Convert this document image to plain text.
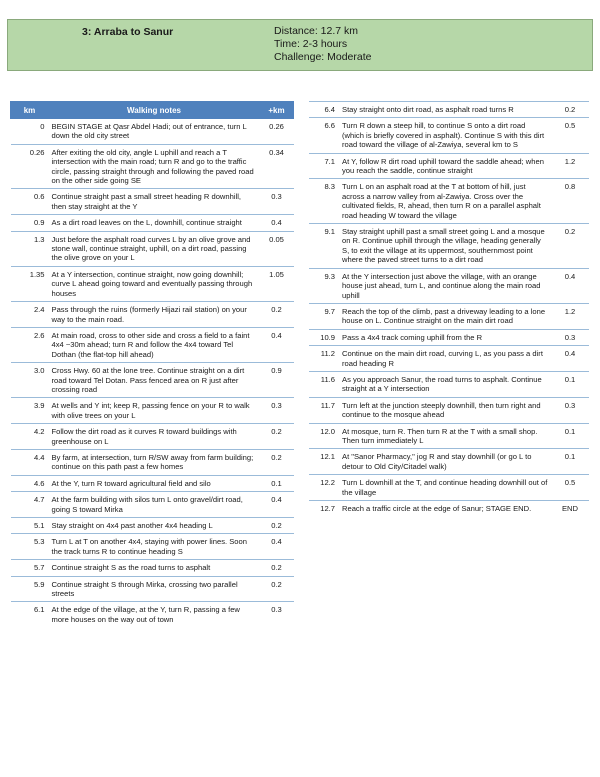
3: Arraba to Sanur	Distance: 12.7 km
Time: 2-3 hours
Challenge: Moderate
km	Walking notes	+km
0	BEGIN STAGE at Qasr Abdel Hadi; out of entrance, turn L down the old city street	0.26
0.26	After exiting the old city, angle L uphill and reach a T intersection with the main road; turn R and go to the traffic circle, passing straight through and following the paved road on the other side going SE	0.34
0.6	Continue straight past a small street heading R downhill, then stay straight at the Y	0.3
0.9	As a dirt road leaves on the L, downhill, continue straight	0.4
1.3	Just before the asphalt road curves L by an olive grove and stone wall, continue straight, uphill, on a dirt road, passing the olive grove on your L	0.05
1.35	At a Y intersection, continue straight, now going downhill; curve L ahead going toward and eventually passing through houses	1.05
2.4	Pass through the ruins (formerly Hijazi rail station) on your way to the main road.	0.2
2.6	At main road, cross to other side and cross a field to a faint 4x4 ~30m ahead; turn R and follow the 4x4 toward Tel Dothan (the flat-top hill ahead)	0.4
3.0	Cross Hwy. 60 at the lone tree. Continue straight on a dirt road toward Tel Dotan. Pass fenced area on R just after crossing road	0.9
3.9	At wells and Y int; keep R, passing fence on your R to walk with olive trees on your L	0.3
4.2	Follow the dirt road as it curves R toward buildings with greenhouse on L	0.2
4.4	By farm, at intersection, turn R/SW away from farm building; continue on this path past a few homes	0.2
4.6	At the Y, turn R toward agricultural field and silo	0.1
4.7	At the farm building with silos turn L onto gravel/dirt road, going S toward Mirka	0.4
5.1	Stay straight on 4x4 past another 4x4 heading L	0.2
5.3	Turn L at T on another 4x4, staying with power lines. Soon the track turns R to continue heading S	0.4
5.7	Continue straight S as the road turns to asphalt	0.2
5.9	Continue straight S through Mirka, crossing two parallel streets	0.2
6.1	At the edge of the village, at the Y, turn R, passing a few more houses on the way out of town	0.3
6.4	Stay straight onto dirt road, as asphalt road turns R	0.2
6.6	Turn R down a steep hill, to continue S onto a dirt road (which is briefly covered in asphalt). Continue S with this dirt road toward the village of al-Zawiya, several km to S	0.5
7.1	At Y, follow R dirt road uphill toward the saddle ahead; when you reach the saddle, continue straight	1.2
8.3	Turn L on an asphalt road at the T at bottom of hill, just across a narrow valley from al-Zawiya. Cross over the cultivated fields, R, ahead, then turn R on a parallel asphalt road heading W toward the village	0.8
9.1	Stay straight uphill past a small street going L and a mosque on R. Continue uphill through the village, heading generally S, to exit the village at its uppermost, southernmost point where the paved street turns to a dirt road	0.2
9.3	At the Y intersection just above the village, with an orange house just ahead, turn L, and continue along the main road uphill	0.4
9.7	Reach the top of the climb, past a driveway leading to a lone house on L. Continue straight on the main dirt road	1.2
10.9	Pass a 4x4 track coming uphill from the R	0.3
11.2	Continue on the main dirt road, curving L, as you pass a dirt road heading R	0.4
11.6	As you approach Sanur, the road turns to asphalt. Continue straight at a Y intersection	0.1
11.7	Turn left at the junction steeply downhill, then turn right and continue to the mosque ahead	0.3
12.0	At mosque, turn R. Then turn R at the T with a small shop. Then turn immediately L	0.1
12.1	At "Sanor Pharmacy," jog R and stay downhill (or go L to detour to Old City/Citadel walk)	0.1
12.2	Turn L downhill at the T, and continue heading downhill out of the village	0.5
12.7	Reach a traffic circle at the edge of Sanur; STAGE END.	END
